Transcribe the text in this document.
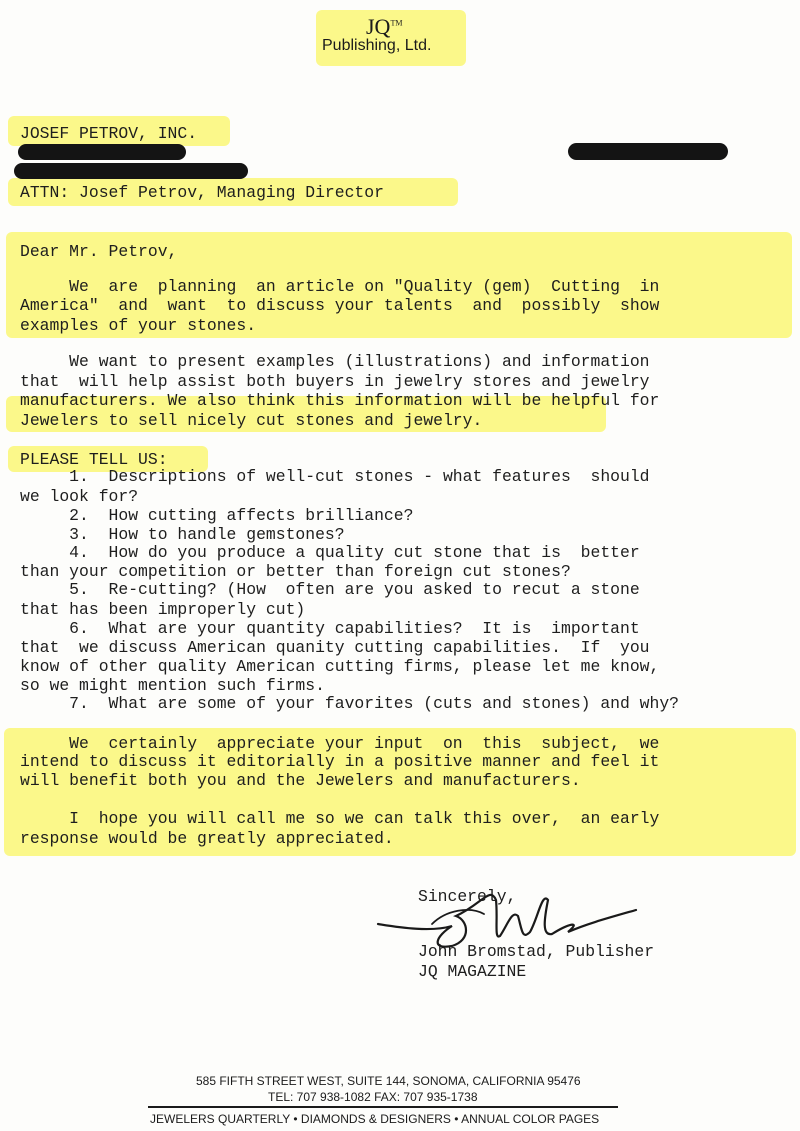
JQ™
Publishing, Ltd.
JOSEF PETROV, INC.
ATTN: Josef Petrov, Managing Director
Dear Mr. Petrov,
We  are  planning  an article on "Quality (gem)  Cutting  in
America"  and  want  to discuss your talents  and  possibly  show
examples of your stones.
We want to present examples (illustrations) and information
that  will help assist both buyers in jewelry stores and jewelry
manufacturers. We also think this information will be helpful for
Jewelers to sell nicely cut stones and jewelry.
PLEASE TELL US:
1.  Descriptions of well-cut stones - what features  should
we look for?
2.  How cutting affects brilliance?
3.  How to handle gemstones?
4.  How do you produce a quality cut stone that is  better
than your competition or better than foreign cut stones?
5.  Re-cutting? (How  often are you asked to recut a stone
that has been improperly cut)
6.  What are your quantity capabilities?  It is  important
that  we discuss American quanity cutting capabilities.  If  you
know of other quality American cutting firms, please let me know,
so we might mention such firms.
7.  What are some of your favorites (cuts and stones) and why?
We  certainly  appreciate your input  on  this  subject,  we
intend to discuss it editorially in a positive manner and feel it
will benefit both you and the Jewelers and manufacturers.
I  hope you will call me so we can talk this over,  an early
response would be greatly appreciated.
Sincerely,
John Bromstad, Publisher
JQ MAGAZINE
585 FIFTH STREET WEST, SUITE 144, SONOMA, CALIFORNIA 95476
TEL: 707 938-1082 FAX: 707 935-1738
JEWELERS QUARTERLY • DIAMONDS & DESIGNERS • ANNUAL COLOR PAGES
